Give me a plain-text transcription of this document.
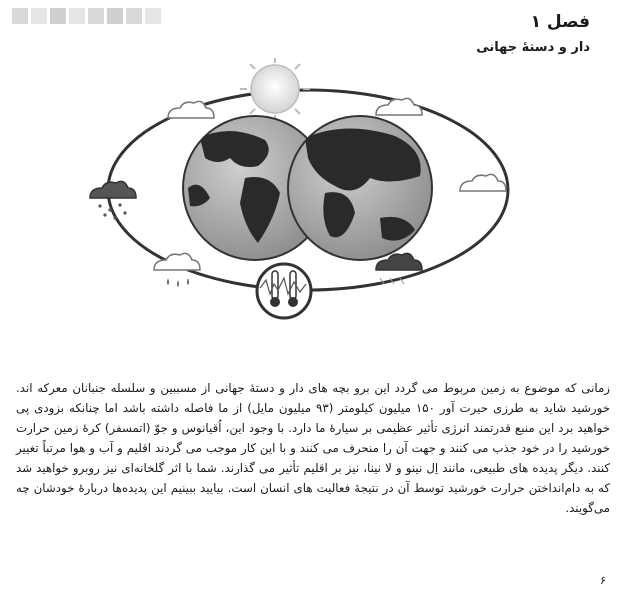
فصل ۱
دار و دستهٔ جهانی

زمانی که موضوع به زمین مربوط می گردد این برو بچه های دار و دستهٔ جهانی از مسببین و سلسله جنبانان معرکه اند. خورشید شاید به طرزی حیرت آور ۱۵۰ میلیون کیلومتر (۹۳ میلیون مایل) از ما فاصله داشته باشد اما چنانکه بزودی پی خواهید برد این منبع قدرتمند انرژی تأثیر عظیمی بر سیارهٔ ما دارد. با وجود این، اُقیانوس و جوّ (اتمسفر) کرهٔ زمین حرارت خورشید را در خود جذب می کنند و جهت آن را منحرف می کنند و با این کار موجب می گردند اقلیم و آب و هوا مرتباً تغییر کنند. دیگر پدیده های طبیعی، مانند اِل نینو و لا نینا، نیز بر اقلیم تأثیر می گذارند. شما با اثر گلخانه‌ای نیز روبرو خواهید شد که به دام‌انداختن حرارت خورشید توسط آن در نتیجهٔ فعالیت های انسان است. بیایید ببینیم این پدیده‌ها دربارهٔ خودشان چه می‌گویند.

۶
